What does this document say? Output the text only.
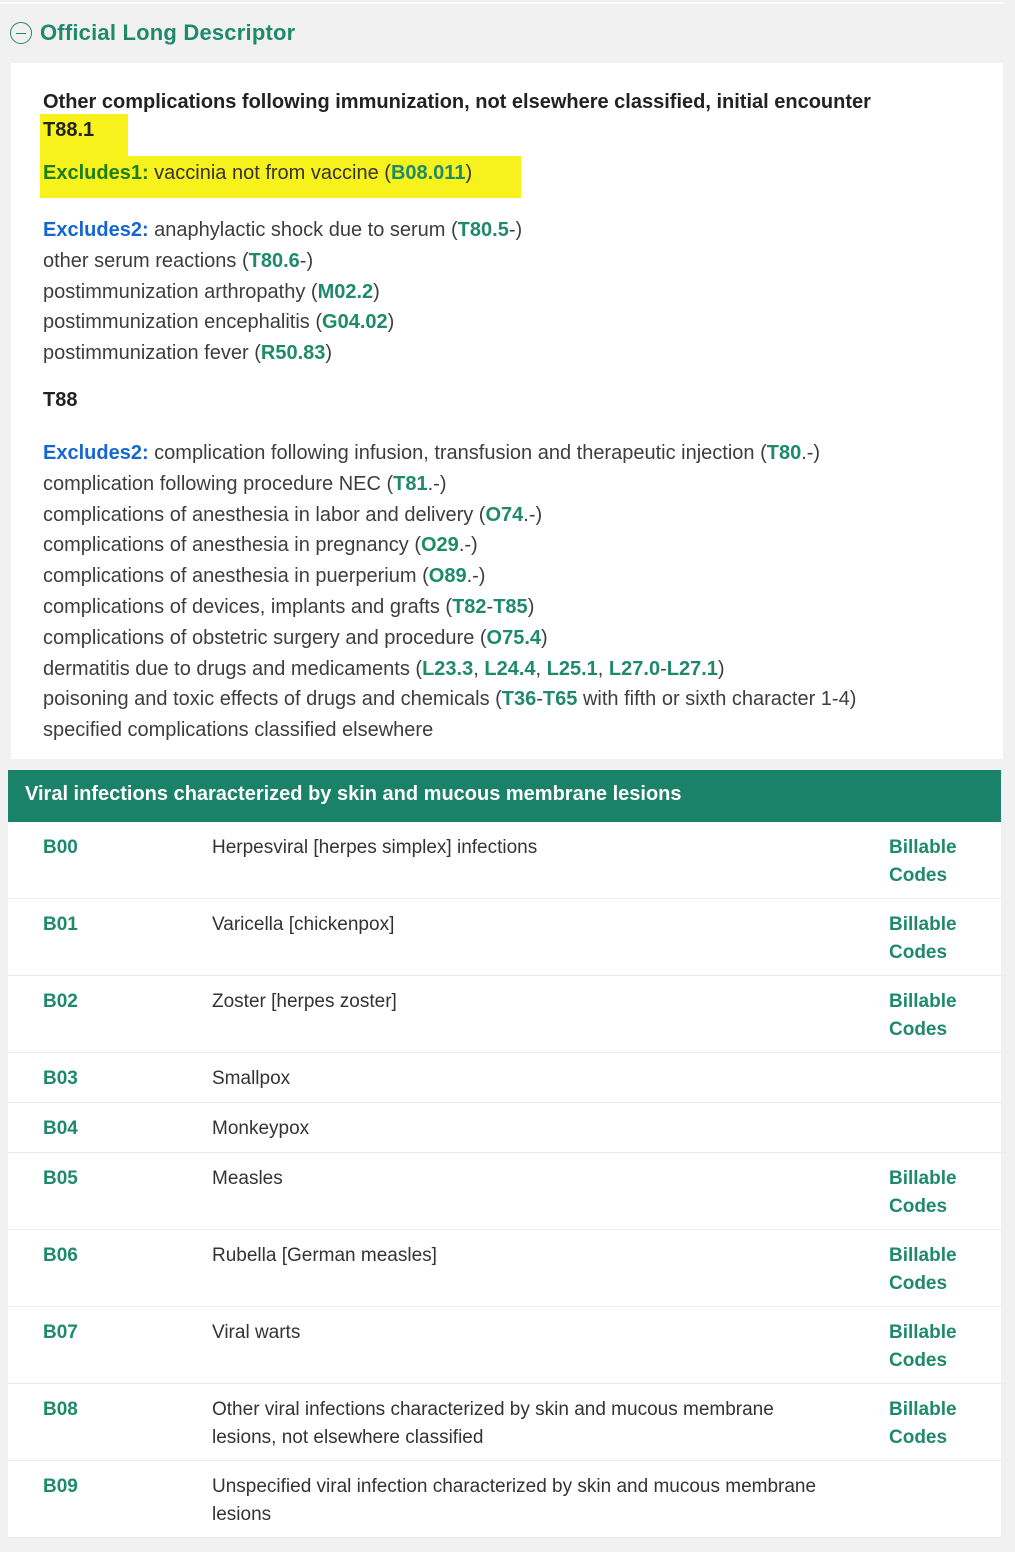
Official Long Descriptor
Other complications following immunization, not elsewhere classified, initial encounter
T88.1
Excludes1: vaccinia not from vaccine (B08.011)
Excludes2: anaphylactic shock due to serum (T80.5-)
other serum reactions (T80.6-)
postimmunization arthropathy (M02.2)
postimmunization encephalitis (G04.02)
postimmunization fever (R50.83)
T88
Excludes2: complication following infusion, transfusion and therapeutic injection (T80.-)
complication following procedure NEC (T81.-)
complications of anesthesia in labor and delivery (O74.-)
complications of anesthesia in pregnancy (O29.-)
complications of anesthesia in puerperium (O89.-)
complications of devices, implants and grafts (T82-T85)
complications of obstetric surgery and procedure (O75.4)
dermatitis due to drugs and medicaments (L23.3, L24.4, L25.1, L27.0-L27.1)
poisoning and toxic effects of drugs and chemicals (T36-T65 with fifth or sixth character 1-4)
specified complications classified elsewhere
Viral infections characterized by skin and mucous membrane lesions
B00	Herpesviral [herpes simplex] infections	Billable
Codes
B01	Varicella [chickenpox]	Billable
Codes
B02	Zoster [herpes zoster]	Billable
Codes
B03	Smallpox
B04	Monkeypox
B05	Measles	Billable
Codes
B06	Rubella [German measles]	Billable
Codes
B07	Viral warts	Billable
Codes
B08	Other viral infections characterized by skin and mucous membrane lesions, not elsewhere classified
Billable
Codes
B09	Unspecified viral infection characterized by skin and mucous membrane lesions
